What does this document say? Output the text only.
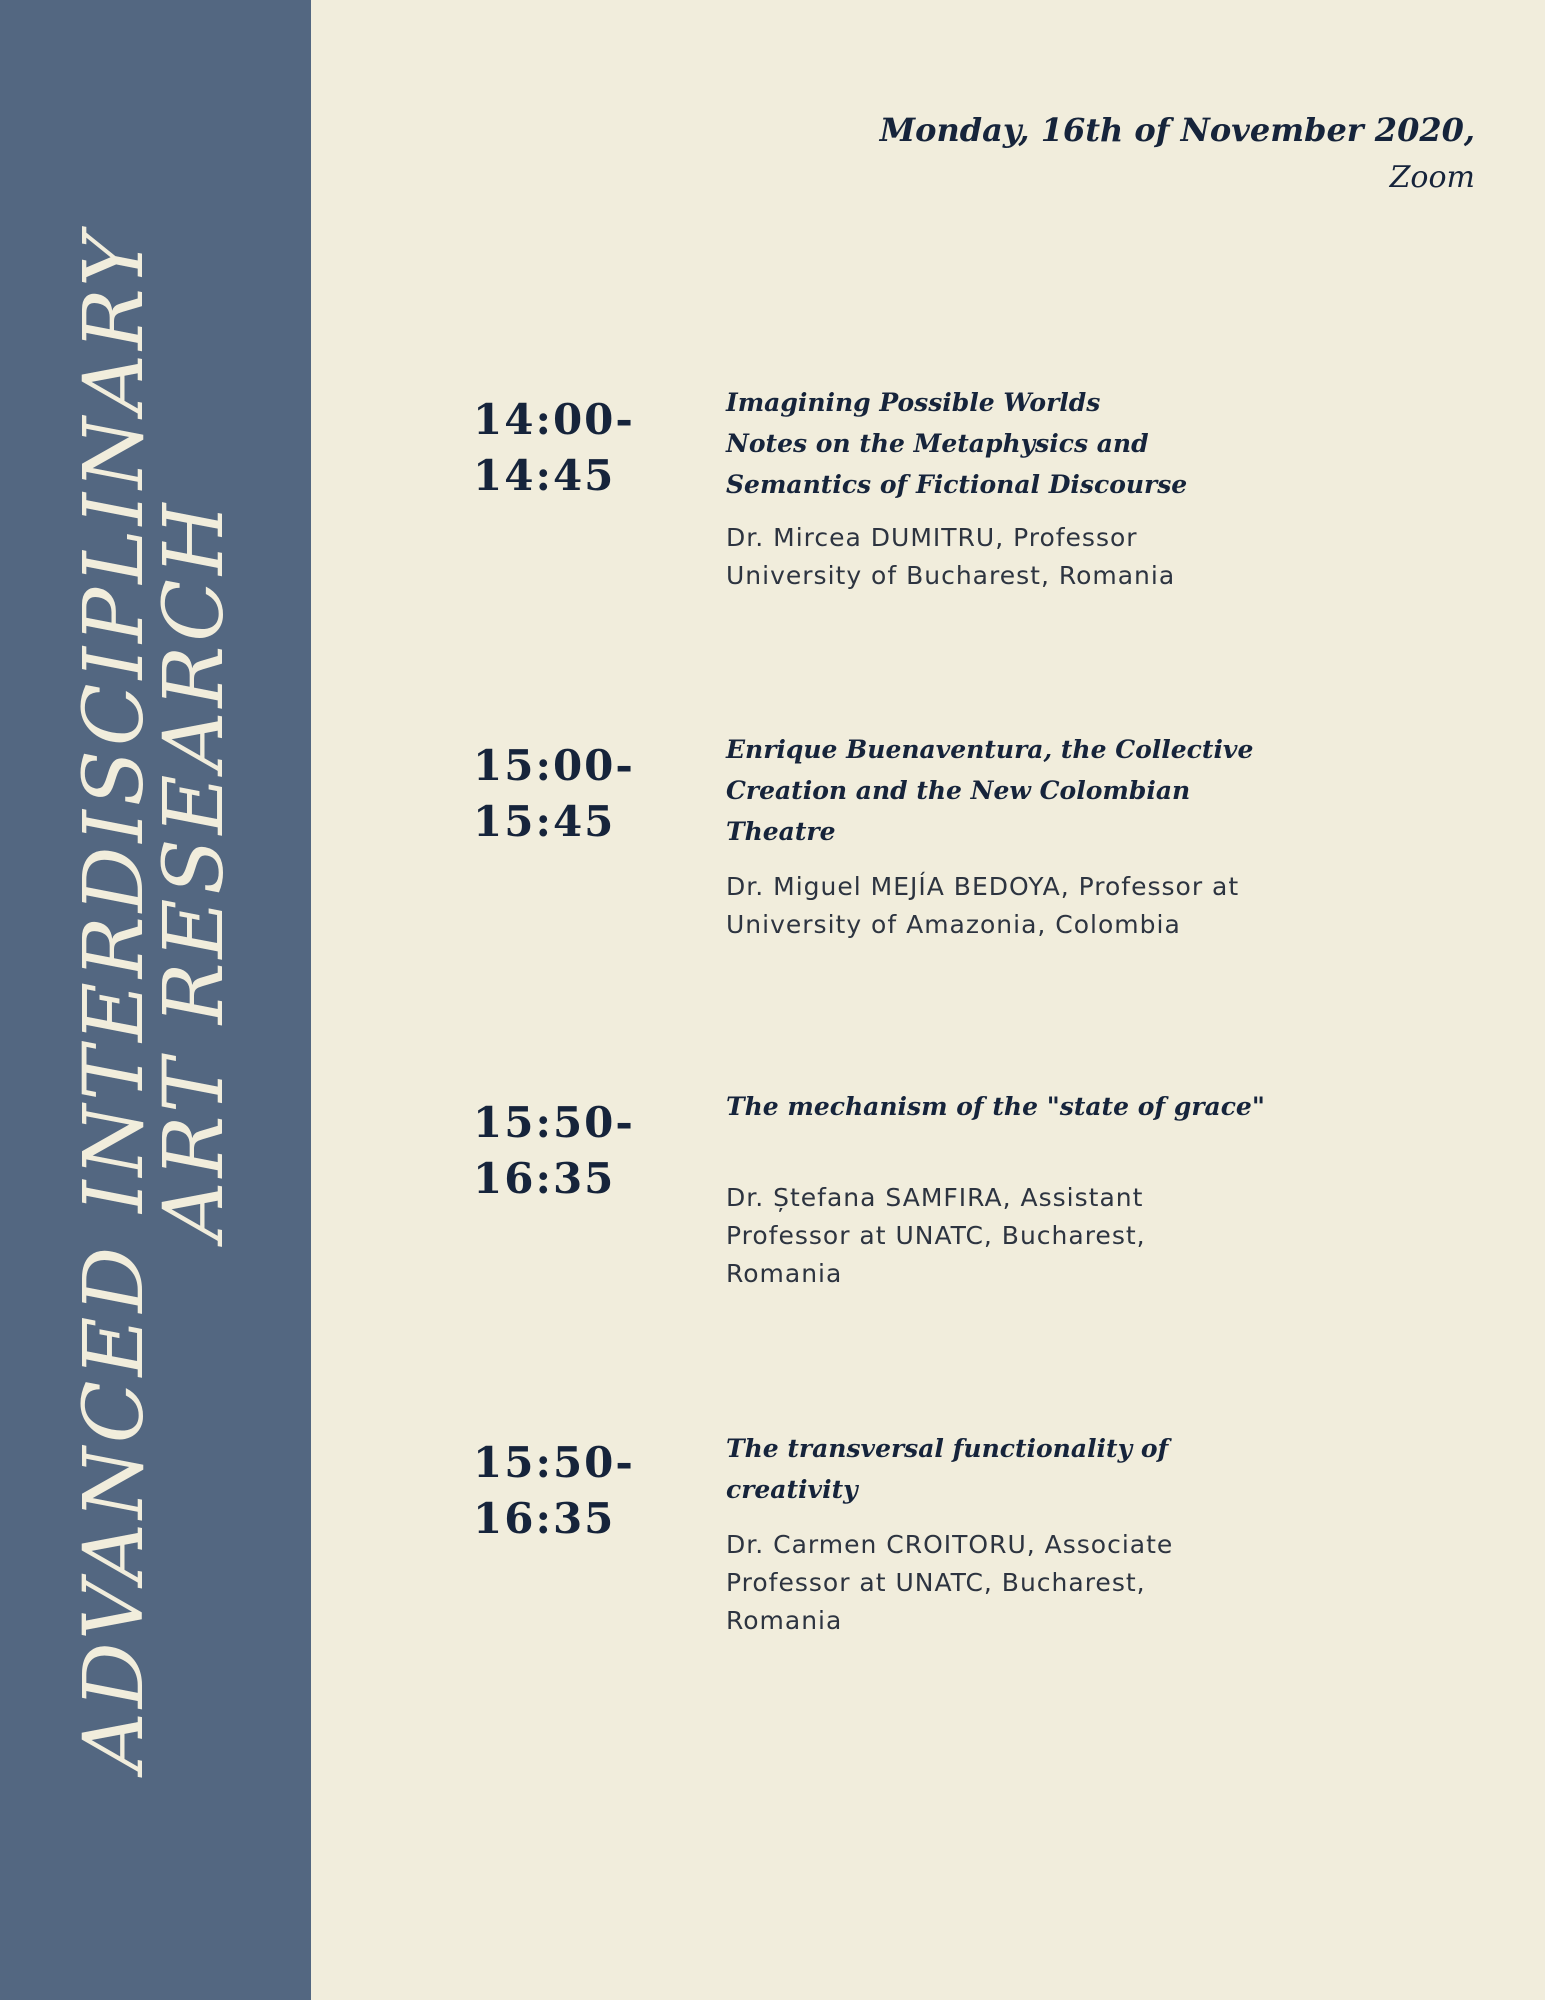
ADVANCED INTERDISCIPLINARY
ART RESEARCH
Monday, 16th of November 2020,
Zoom
14:00-
14:45
Imagining Possible Worlds
Notes on the Metaphysics and
Semantics of Fictional Discourse
Dr. Mircea DUMITRU, Professor
University of Bucharest, Romania
15:00-
15:45
Enrique Buenaventura, the Collective
Creation and the New Colombian
Theatre
Dr. Miguel MEJÍA BEDOYA, Professor at
University of Amazonia, Colombia
15:50-
16:35
The mechanism of the "state of grace"
Dr. Ștefana SAMFIRA, Assistant
Professor at UNATC, Bucharest,
Romania
15:50-
16:35
The transversal functionality of
creativity
Dr. Carmen CROITORU, Associate
Professor at UNATC, Bucharest,
Romania
